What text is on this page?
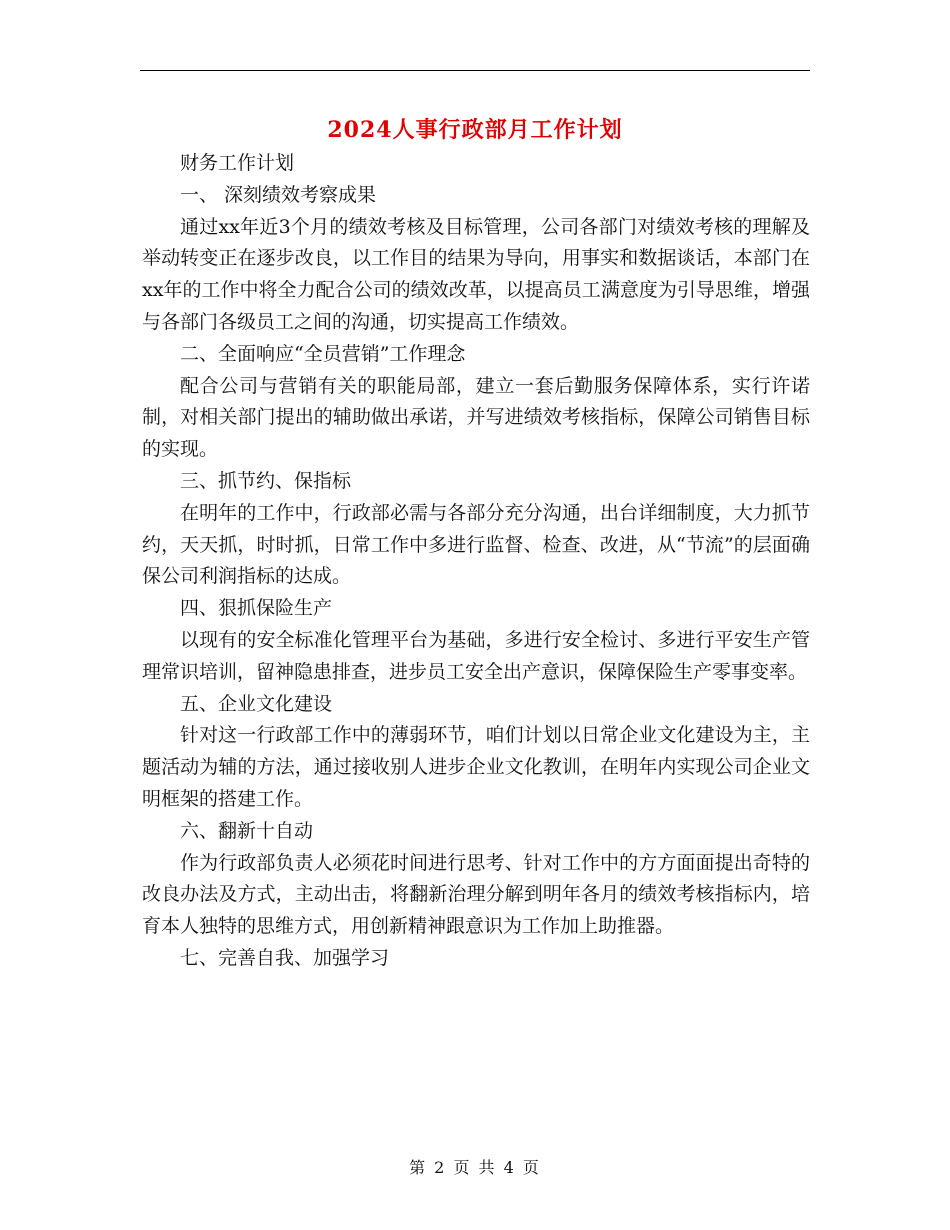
2024人事行政部月工作计划

财务工作计划

一、 深刻绩效考察成果

通过xx年近3个月的绩效考核及目标管理，公司各部门对绩效考核的理解及举动转变正在逐步改良，以工作目的结果为导向，用事实和数据谈话，本部门在xx年的工作中将全力配合公司的绩效改革，以提高员工满意度为引导思维，增强与各部门各级员工之间的沟通，切实提高工作绩效。

二、全面响应“全员营销”工作理念

配合公司与营销有关的职能局部，建立一套后勤服务保障体系，实行许诺制，对相关部门提出的辅助做出承诺，并写进绩效考核指标，保障公司销售目标的实现。

三、抓节约、保指标

在明年的工作中，行政部必需与各部分充分沟通，出台详细制度，大力抓节约，天天抓，时时抓，日常工作中多进行监督、检查、改进，从“节流”的层面确保公司利润指标的达成。

四、狠抓保险生产

以现有的安全标准化管理平台为基础，多进行安全检讨、多进行平安生产管理常识培训，留神隐患排查，进步员工安全出产意识，保障保险生产零事变率。

五、企业文化建设

针对这一行政部工作中的薄弱环节，咱们计划以日常企业文化建设为主，主题活动为辅的方法，通过接收别人进步企业文化教训，在明年内实现公司企业文明框架的搭建工作。

六、翻新十自动

作为行政部负责人必须花时间进行思考、针对工作中的方方面面提出奇特的改良办法及方式，主动出击，将翻新治理分解到明年各月的绩效考核指标内，培育本人独特的思维方式，用创新精神跟意识为工作加上助推器。

七、完善自我、加强学习

第 2 页 共 4 页
